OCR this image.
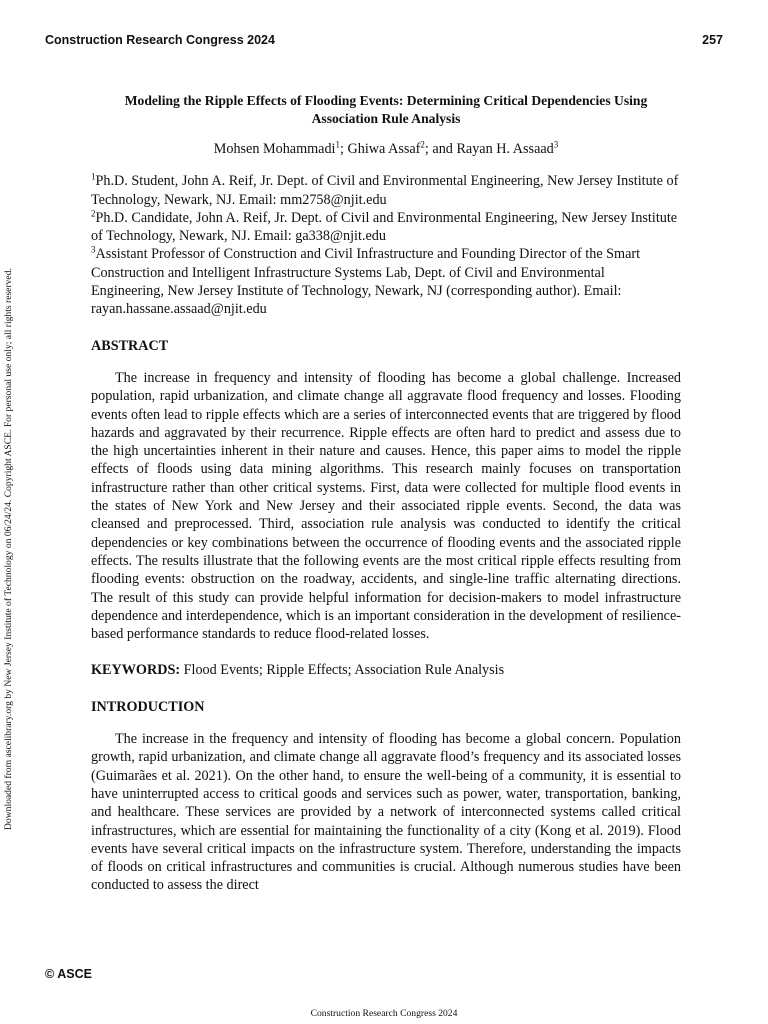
Construction Research Congress 2024	257
Downloaded from ascelibrary.org by New Jersey Institute of Technology on 06/24/24. Copyright ASCE. For personal use only; all rights reserved.
Modeling the Ripple Effects of Flooding Events: Determining Critical Dependencies Using Association Rule Analysis
Mohsen Mohammadi$^1$; Ghiwa Assaf$^2$; and Rayan H. Assaad$^3$

$^1$Ph.D. Student, John A. Reif, Jr. Dept. of Civil and Environmental Engineering, New Jersey Institute of Technology, Newark, NJ. Email: mm2758@njit.edu

$^2$Ph.D. Candidate, John A. Reif, Jr. Dept. of Civil and Environmental Engineering, New Jersey Institute of Technology, Newark, NJ. Email: ga338@njit.edu

$^3$Assistant Professor of Construction and Civil Infrastructure and Founding Director of the Smart Construction and Intelligent Infrastructure Systems Lab, Dept. of Civil and Environmental Engineering, New Jersey Institute of Technology, Newark, NJ (corresponding author). Email: rayan.hassane.assaad@njit.edu

ABSTRACT

The increase in frequency and intensity of flooding has become a global challenge. Increased population, rapid urbanization, and climate change all aggravate flood frequency and losses. Flooding events often lead to ripple effects which are a series of interconnected events that are triggered by flood hazards and aggravated by their recurrence. Ripple effects are often hard to predict and assess due to the high uncertainties inherent in their nature and causes. Hence, this paper aims to model the ripple effects of floods using data mining algorithms. This research mainly focuses on transportation infrastructure rather than other critical systems. First, data were collected for multiple flood events in the states of New York and New Jersey and their associated ripple events. Second, the data was cleansed and preprocessed. Third, association rule analysis was conducted to identify the critical dependencies or key combinations between the occurrence of flooding events and the associated ripple effects. The results illustrate that the following events are the most critical ripple effects resulting from flooding events: obstruction on the roadway, accidents, and single-line traffic alternating directions. The result of this study can provide helpful information for decision-makers to model infrastructure dependence and interdependence, which is an important consideration in the development of resilience-based performance standards to reduce flood-related losses.

KEYWORDS: Flood Events; Ripple Effects; Association Rule Analysis

INTRODUCTION

The increase in the frequency and intensity of flooding has become a global concern. Population growth, rapid urbanization, and climate change all aggravate flood’s frequency and its associated losses (Guimarães et al. 2021). On the other hand, to ensure the well-being of a community, it is essential to have uninterrupted access to critical goods and services such as power, water, transportation, banking, and healthcare. These services are provided by a network of interconnected systems called critical infrastructures, which are essential for maintaining the functionality of a city (Kong et al. 2019). Flood events have several critical impacts on the infrastructure system. Therefore, understanding the impacts of floods on critical infrastructures and communities is crucial. Although numerous studies have been conducted to assess the direct

© ASCE
Construction Research Congress 2024
